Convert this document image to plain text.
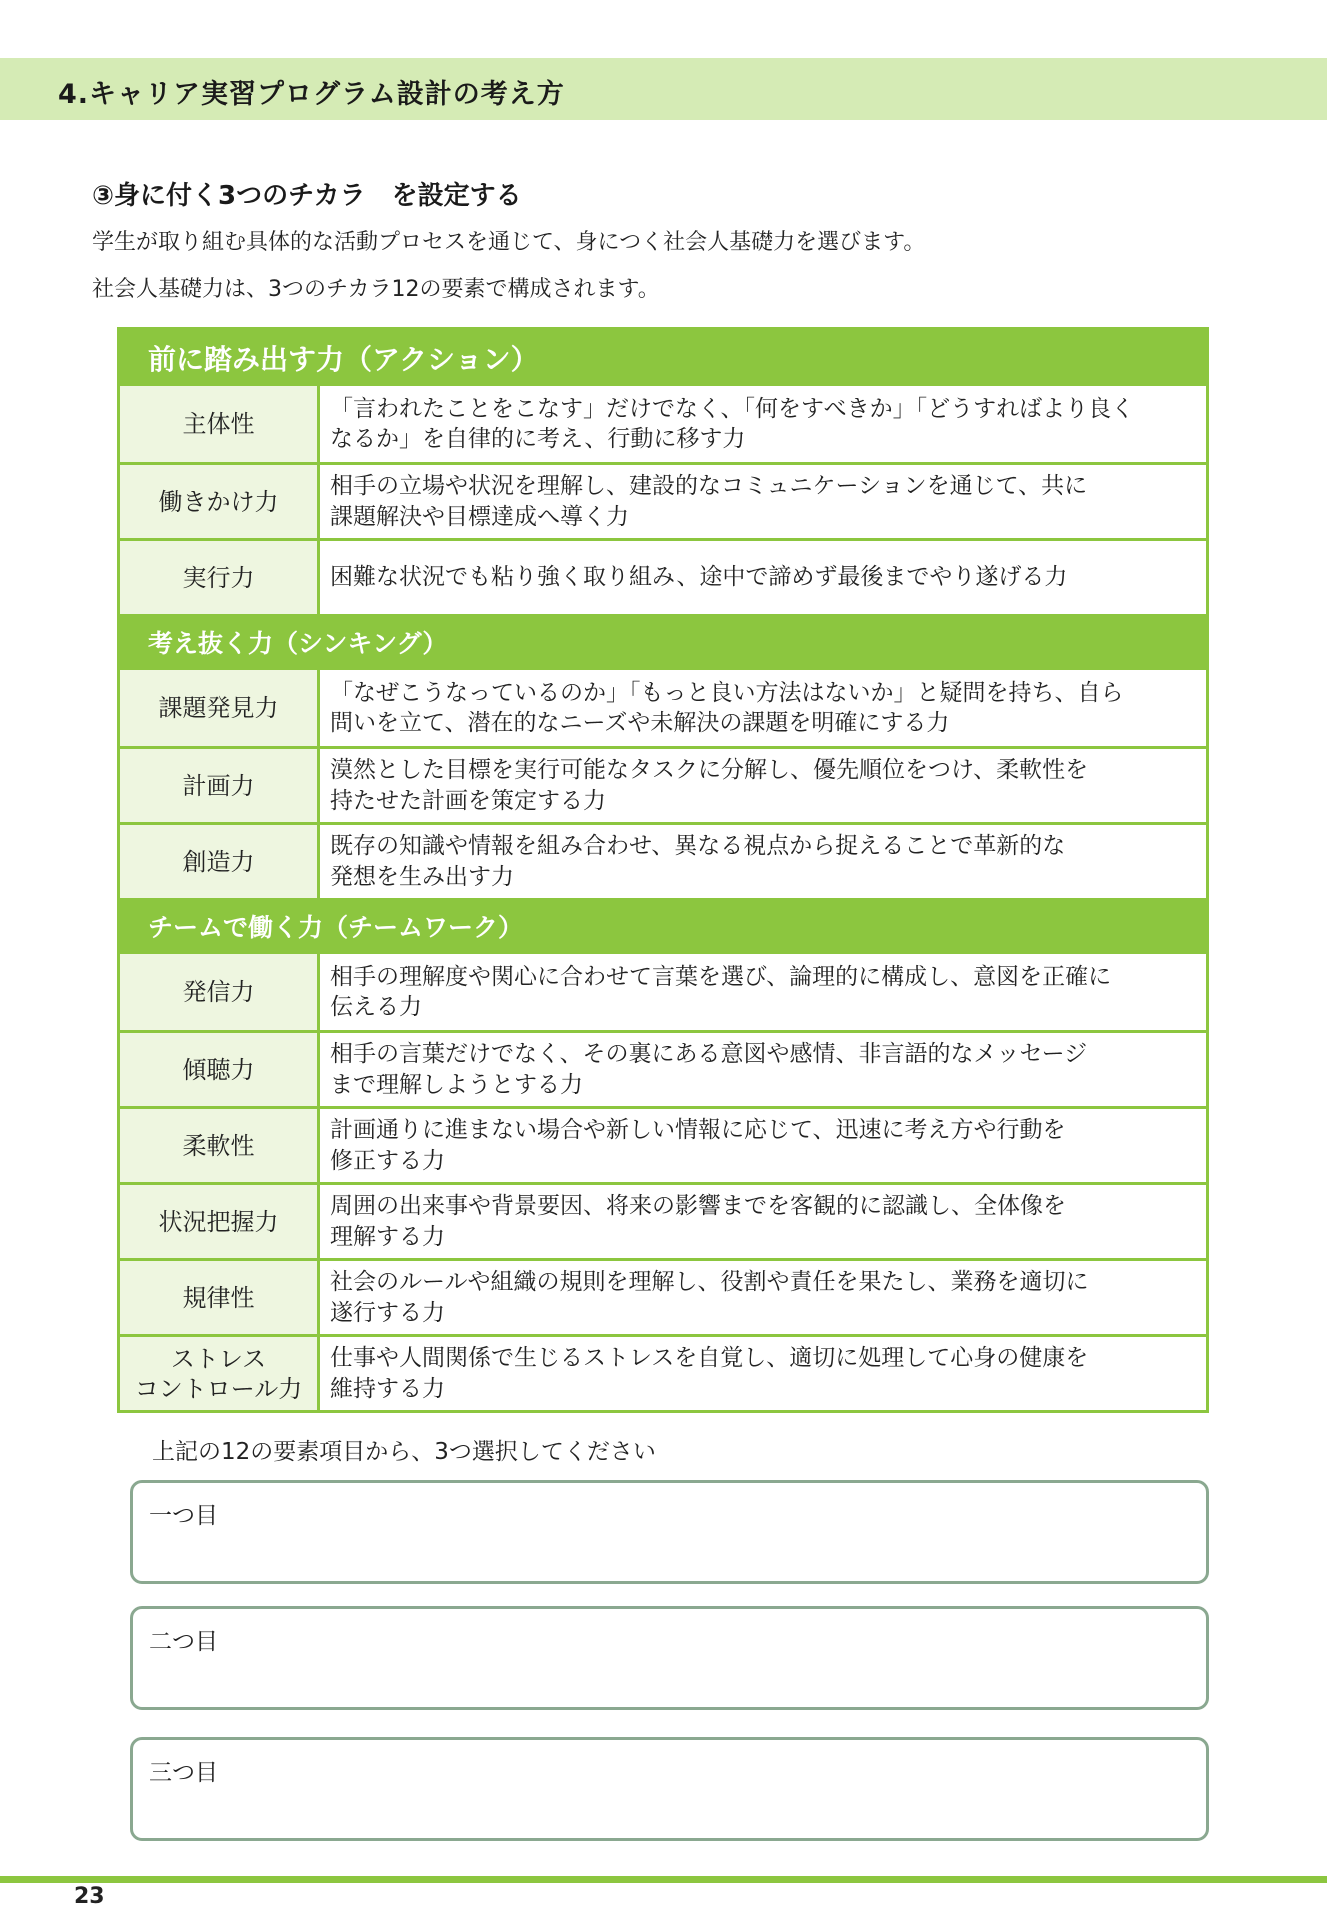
4.キャリア実習プログラム設計の考え方
③身に付く3つのチカラ　を設定する
学生が取り組む具体的な活動プロセスを通じて、身につく社会人基礎力を選びます。
社会人基礎力は、3つのチカラ12の要素で構成されます。
前に踏み出す力（アクション）
主体性
「言われたことをこなす」だけでなく、「何をすべきか」「どうすればより良く
なるか」を自律的に考え、行動に移す力
働きかけ力
相手の立場や状況を理解し、建設的なコミュニケーションを通じて、共に
課題解決や目標達成へ導く力
実行力	困難な状況でも粘り強く取り組み、途中で諦めず最後までやり遂げる力
考え抜く力（シンキング）
課題発見力
「なぜこうなっているのか」「もっと良い方法はないか」と疑問を持ち、自ら
問いを立て、潜在的なニーズや未解決の課題を明確にする力
計画力
漠然とした目標を実行可能なタスクに分解し、優先順位をつけ、柔軟性を
持たせた計画を策定する力
創造力
既存の知識や情報を組み合わせ、異なる視点から捉えることで革新的な
発想を生み出す力
チームで働く力（チームワーク）
発信力
相手の理解度や関心に合わせて言葉を選び、論理的に構成し、意図を正確に
伝える力
傾聴力
相手の言葉だけでなく、その裏にある意図や感情、非言語的なメッセージ
まで理解しようとする力
柔軟性
計画通りに進まない場合や新しい情報に応じて、迅速に考え方や行動を
修正する力
状況把握力
周囲の出来事や背景要因、将来の影響までを客観的に認識し、全体像を
理解する力
規律性
社会のルールや組織の規則を理解し、役割や責任を果たし、業務を適切に
遂行する力
ストレス
コントロール力
仕事や人間関係で生じるストレスを自覚し、適切に処理して心身の健康を
維持する力
上記の12の要素項目から、3つ選択してください
一つ目
二つ目
三つ目
23
